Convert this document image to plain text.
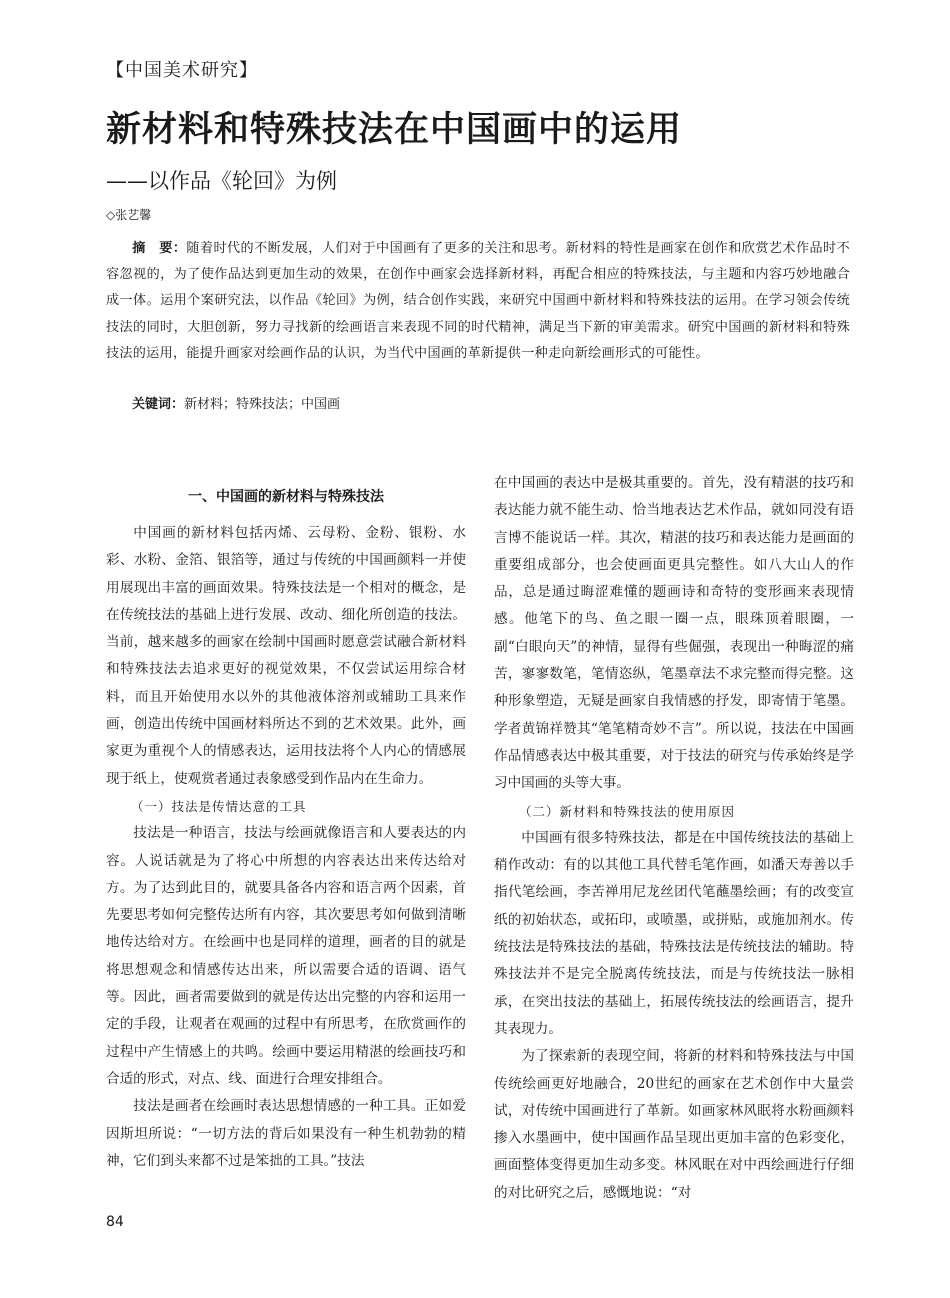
【中国美术研究】
新材料和特殊技法在中国画中的运用
——以作品《轮回》为例
◇张艺馨
摘　要：随着时代的不断发展，人们对于中国画有了更多的关注和思考。新材料的特性是画家在创作和欣赏艺术作品时不容忽视的，为了使作品达到更加生动的效果，在创作中画家会选择新材料，再配合相应的特殊技法，与主题和内容巧妙地融合成一体。运用个案研究法，以作品《轮回》为例，结合创作实践，来研究中国画中新材料和特殊技法的运用。在学习领会传统技法的同时，大胆创新，努力寻找新的绘画语言来表现不同的时代精神，满足当下新的审美需求。研究中国画的新材料和特殊技法的运用，能提升画家对绘画作品的认识，为当代中国画的革新提供一种走向新绘画形式的可能性。
关键词：新材料；特殊技法；中国画
一、中国画的新材料与特殊技法

中国画的新材料包括丙烯、云母粉、金粉、银粉、水彩、水粉、金箔、银箔等，通过与传统的中国画颜料一并使用展现出丰富的画面效果。特殊技法是一个相对的概念，是在传统技法的基础上进行发展、改动、细化所创造的技法。当前，越来越多的画家在绘制中国画时愿意尝试融合新材料和特殊技法去追求更好的视觉效果，不仅尝试运用综合材料，而且开始使用水以外的其他液体溶剂或辅助工具来作画，创造出传统中国画材料所达不到的艺术效果。此外，画家更为重视个人的情感表达，运用技法将个人内心的情感展现于纸上，使观赏者通过表象感受到作品内在生命力。

（一）技法是传情达意的工具

技法是一种语言，技法与绘画就像语言和人要表达的内容。人说话就是为了将心中所想的内容表达出来传达给对方。为了达到此目的，就要具备各内容和语言两个因素，首先要思考如何完整传达所有内容，其次要思考如何做到清晰地传达给对方。在绘画中也是同样的道理，画者的目的就是将思想观念和情感传达出来，所以需要合适的语调、语气等。因此，画者需要做到的就是传达出完整的内容和运用一定的手段，让观者在观画的过程中有所思考，在欣赏画作的过程中产生情感上的共鸣。绘画中要运用精湛的绘画技巧和合适的形式，对点、线、面进行合理安排组合。

技法是画者在绘画时表达思想情感的一种工具。正如爱因斯坦所说：“一切方法的背后如果没有一种生机勃勃的精神，它们到头来都不过是笨拙的工具。”技法

在中国画的表达中是极其重要的。首先，没有精湛的技巧和表达能力就不能生动、恰当地表达艺术作品，就如同没有语言博不能说话一样。其次，精湛的技巧和表达能力是画面的重要组成部分，也会使画面更具完整性。如八大山人的作品，总是通过晦涩难懂的题画诗和奇特的变形画来表现情感。他笔下的鸟、鱼之眼一圈一点，眼珠顶着眼圈，一副“白眼向天”的神情，显得有些倔强，表现出一种晦涩的痛苦，寥寥数笔，笔情恣纵，笔墨章法不求完整而得完整。这种形象塑造，无疑是画家自我情感的抒发，即寄情于笔墨。学者黄锦祥赞其“笔笔精奇妙不言”。所以说，技法在中国画作品情感表达中极其重要，对于技法的研究与传承始终是学习中国画的头等大事。

（二）新材料和特殊技法的使用原因

中国画有很多特殊技法，都是在中国传统技法的基础上稍作改动：有的以其他工具代替毛笔作画，如潘天寿善以手指代笔绘画，李苦禅用尼龙丝团代笔蘸墨绘画；有的改变宣纸的初始状态，或拓印，或喷墨，或拼贴，或施加剂水。传统技法是特殊技法的基础，特殊技法是传统技法的辅助。特殊技法并不是完全脱离传统技法，而是与传统技法一脉相承，在突出技法的基础上，拓展传统技法的绘画语言，提升其表现力。

为了探索新的表现空间，将新的材料和特殊技法与中国传统绘画更好地融合，20世纪的画家在艺术创作中大量尝试，对传统中国画进行了革新。如画家林风眠将水粉画颜料掺入水墨画中，使中国画作品呈现出更加丰富的色彩变化，画面整体变得更加生动多变。林风眠在对中西绘画进行仔细的对比研究之后，感慨地说：“对

84
